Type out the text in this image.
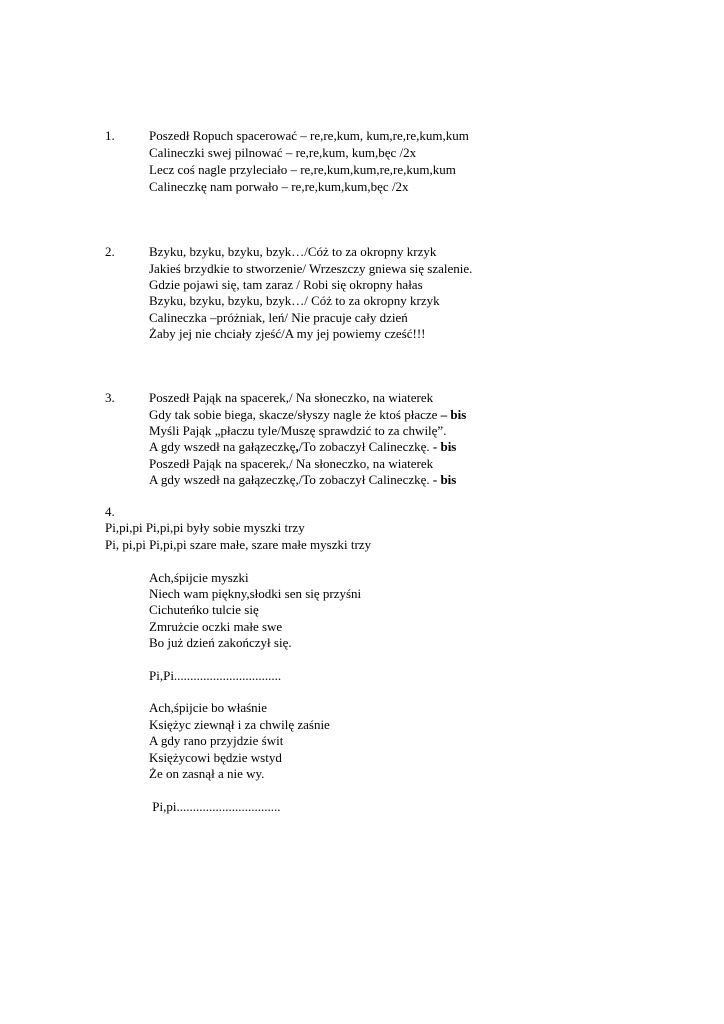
1.	Poszedł Ropuch spacerować – re,re,kum, kum,re,re,kum,kum
Calineczki swej pilnować – re,re,kum, kum,bęc /2x
Lecz coś nagle przyleciało – re,re,kum,kum,re,re,kum,kum
Calineczkę nam porwało – re,re,kum,kum,bęc /2x
2.	Bzyku, bzyku, bzyku, bzyk…/Cóż to za okropny krzyk
Jakieś brzydkie to stworzenie/ Wrzeszczy gniewa się szalenie.
Gdzie pojawi się, tam zaraz / Robi się okropny hałas
Bzyku, bzyku, bzyku, bzyk…/ Cóż to za okropny krzyk
Calineczka –próżniak, leń/ Nie pracuje cały dzień
Żaby jej nie chciały zjeść/A my jej powiemy cześć!!!
3.	Poszedł Pająk na spacerek,/ Na słoneczko, na wiaterek
Gdy tak sobie biega, skacze/słyszy nagle że ktoś płacze – bis
Myśli Pająk „płaczu tyle/Muszę sprawdzić to za chwilę”.
A gdy wszedł na gałązeczkę,/To zobaczył Calineczkę. - bis
Poszedł Pająk na spacerek,/ Na słoneczko, na wiaterek
A gdy wszedł na gałązeczkę,/To zobaczył Calineczkę. - bis
4.
Pi,pi,pi Pi,pi,pi były sobie myszki trzy
Pi, pi,pi Pi,pi,pi szare małe, szare małe myszki trzy
Ach,śpijcie myszki
Niech wam piękny,słodki sen się przyśni
Cichuteńko tulcie się
Zmrużcie oczki małe swe
Bo już dzień zakończył się.
Pi,Pi.................................
Ach,śpijcie bo właśnie
Księżyc ziewnął i za chwilę zaśnie
A gdy rano przyjdzie świt
Księżycowi będzie wstyd
Że on zasnął a nie wy.
Pi,pi................................
